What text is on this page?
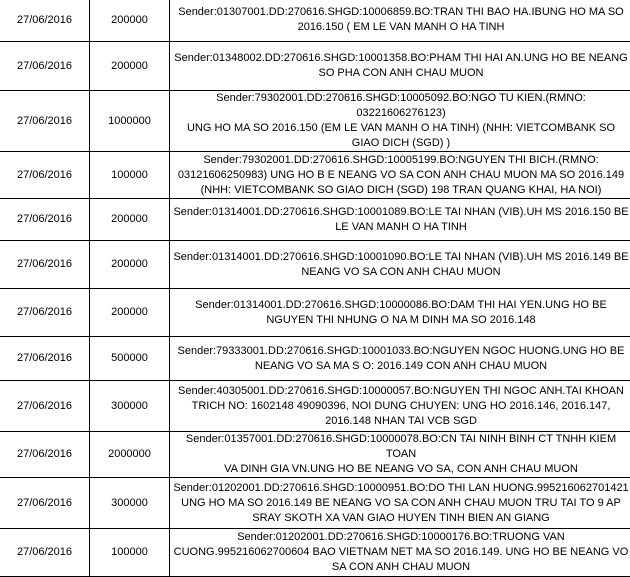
27/06/2016	200000	Sender:01307001.DD:270616.SHGD:10006859.BO:TRAN THI BAO HA.IBUNG HO MA SO
2016.150 ( EM LE VAN MANH O HA TINH

27/06/2016	200000	Sender:01348002.DD:270616.SHGD:10001358.BO:PHAM THI HAI AN.UNG HO BE NEANG
SO PHA CON ANH CHAU MUON

27/06/2016	1000000	Sender:79302001.DD:270616.SHGD:10005092.BO:NGO TU KIEN.(RMNO: 03221606276123)
UNG HO MA SO 2016.150 (EM LE VAN MANH O HA TINH) (NHH: VIETCOMBANK SO
GIAO DICH (SGD) )

27/06/2016	100000	Sender:79302001.DD:270616.SHGD:10005199.BO:NGUYEN THI BICH.(RMNO:
03121606250983) UNG HO B E NEANG VO SA CON ANH CHAU MUON MA SO 2016.149
(NHH: VIETCOMBANK SO GIAO DICH (SGD) 198 TRAN QUANG KHAI, HA NOI)

27/06/2016	200000	Sender:01314001.DD:270616.SHGD:10001089.BO:LE TAI NHAN (VIB).UH MS 2016.150 BE
LE VAN MANH O HA TINH

27/06/2016	200000	Sender:01314001.DD:270616.SHGD:10001090.BO:LE TAI NHAN (VIB).UH MS 2016.149 BE
NEANG VO SA CON ANH CHAU MUON

27/06/2016	200000	Sender:01314001.DD:270616.SHGD:10000086.BO:DAM THI HAI YEN.UNG HO BE
NGUYEN THI NHUNG O NA M DINH MA SO 2016.148

27/06/2016	500000	Sender:79333001.DD:270616.SHGD:10001033.BO:NGUYEN NGOC HUONG.UNG HO BE
NEANG VO SA MA S O: 2016.149 CON ANH CHAU MUON

27/06/2016	300000	Sender:40305001.DD:270616.SHGD:10000057.BO:NGUYEN THI NGOC ANH.TAI KHOAN
TRICH NO: 1602148 49090396, NOI DUNG CHUYEN: UNG HO 2016.146, 2016.147,
2016.148 NHAN TAI VCB SGD

27/06/2016	2000000	Sender:01357001.DD:270616.SHGD:10000078.BO:CN TAI NINH BINH CT TNHH KIEM TOAN
VA DINH GIA VN.UNG HO BE NEANG VO SA, CON ANH CHAU MUON

27/06/2016	300000	Sender:01202001.DD:270616.SHGD:10000951.BO:DO THI LAN HUONG.995216062701421
UNG HO MA SO 2016.149 BE NEANG VO SA CON ANH CHAU MUON TRU TAI TO 9 AP
SRAY SKOTH XA VAN GIAO HUYEN TINH BIEN AN GIANG

27/06/2016	100000	Sender:01202001.DD:270616.SHGD:10000176.BO:TRUONG VAN
CUONG.995216062700604 BAO VIETNAM NET MA SO 2016.149. UNG HO BE NEANG VO
SA CON ANH CHAU MUON
